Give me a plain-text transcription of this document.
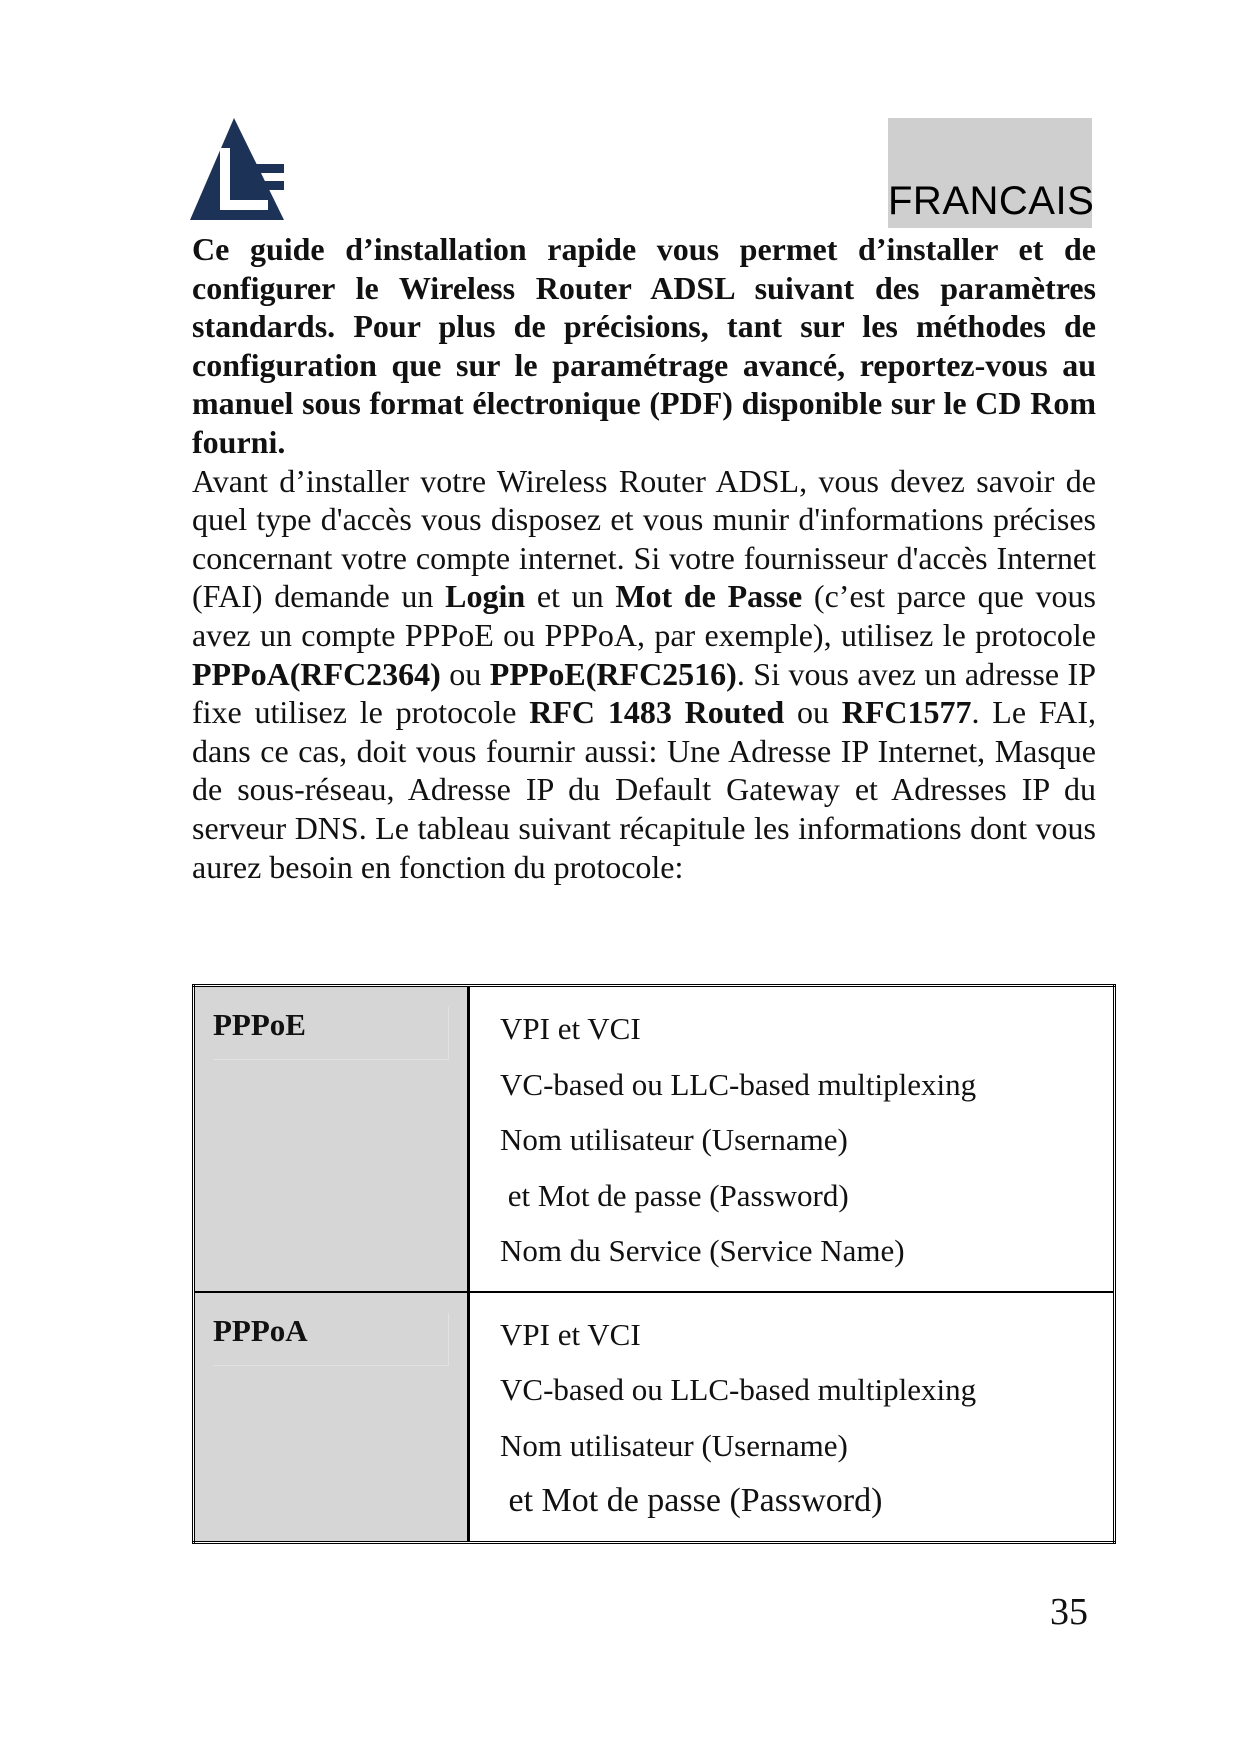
FRANCAIS

Ce guide d’installation rapide vous permet d’installer et de configurer le Wireless Router ADSL suivant des paramètres standards. Pour plus de précisions, tant sur les méthodes de configuration que sur le paramétrage avancé, reportez-vous au manuel sous format électronique (PDF) disponible sur le CD Rom fourni.

Avant d’installer votre Wireless Router ADSL, vous devez savoir de quel type d'accès vous disposez et vous munir d'informations précises concernant votre compte internet. Si votre fournisseur d'accès Internet (FAI) demande un Login et un Mot de Passe (c’est parce que vous avez un compte PPPoE ou PPPoA, par exemple), utilisez le protocole PPPoA(RFC2364) ou PPPoE(RFC2516). Si vous avez un adresse IP fixe utilisez le protocole RFC 1483 Routed ou RFC1577. Le FAI, dans ce cas, doit vous fournir aussi: Une Adresse IP Internet, Masque de sous-réseau, Adresse IP du Default Gateway et Adresses IP du serveur DNS. Le tableau suivant récapitule les informations dont vous aurez besoin en fonction du protocole:

PPPoE	VPI et VCI
VC-based ou LLC-based multiplexing
Nom utilisateur (Username)
et Mot de passe (Password)
Nom du Service (Service Name)

PPPoA	VPI et VCI
VC-based ou LLC-based multiplexing
Nom utilisateur (Username)
et Mot de passe (Password)
35
